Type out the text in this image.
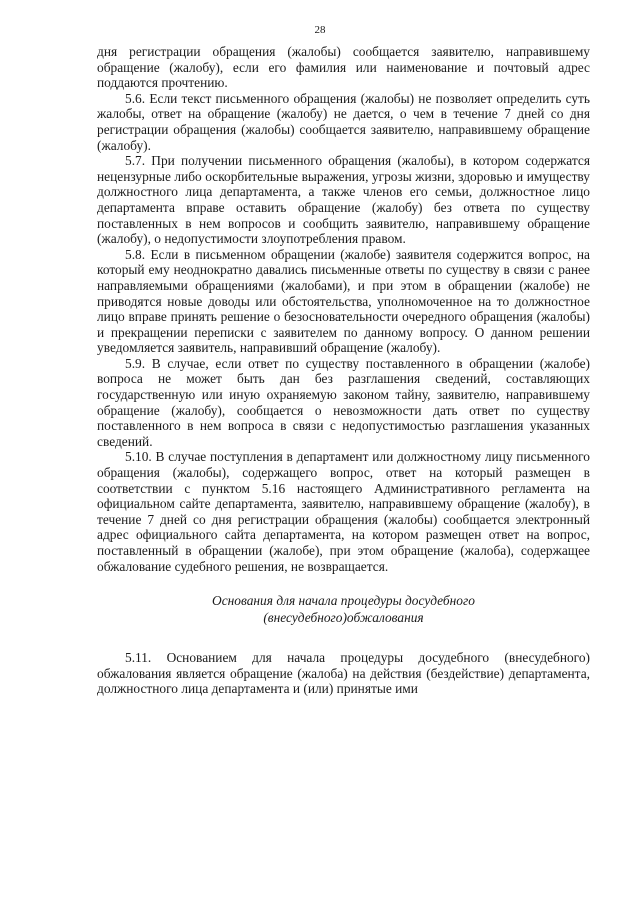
28

дня регистрации обращения (жалобы) сообщается заявителю, направившему обращение (жалобу), если его фамилия или наименование и почтовый адрес поддаются прочтению.

5.6. Если текст письменного обращения (жалобы) не позволяет определить суть жалобы, ответ на обращение (жалобу) не дается, о чем в течение 7 дней со дня регистрации обращения (жалобы) сообщается заявителю, направившему обращение (жалобу).

5.7. При получении письменного обращения (жалобы), в котором содержатся нецензурные либо оскорбительные выражения, угрозы жизни, здоровью и имуществу должностного лица департамента, а также членов его семьи, должностное лицо департамента вправе оставить обращение (жалобу) без ответа по существу поставленных в нем вопросов и сообщить заявителю, направившему обращение (жалобу), о недопустимости злоупотребления правом.

5.8. Если в письменном обращении (жалобе) заявителя содержится вопрос, на который ему неоднократно давались письменные ответы по существу в связи с ранее направляемыми обращениями (жалобами), и при этом в обращении (жалобе) не приводятся новые доводы или обстоятельства, уполномоченное на то должностное лицо вправе принять решение о безосновательности очередного обращения (жалобы) и прекращении переписки с заявителем по данному вопросу. О данном решении уведомляется заявитель, направивший обращение (жалобу).

5.9. В случае, если ответ по существу поставленного в обращении (жалобе) вопроса не может быть дан без разглашения сведений, составляющих государственную или иную охраняемую законом тайну, заявителю, направившему обращение (жалобу), сообщается о невозможности дать ответ по существу поставленного в нем вопроса в связи с недопустимостью разглашения указанных сведений.

5.10. В случае поступления в департамент или должностному лицу письменного обращения (жалобы), содержащего вопрос, ответ на который размещен в соответствии с пунктом 5.16 настоящего Административного регламента на официальном сайте департамента, заявителю, направившему обращение (жалобу), в течение 7 дней со дня регистрации обращения (жалобы) сообщается электронный адрес официального сайта департамента, на котором размещен ответ на вопрос, поставленный в обращении (жалобе), при этом обращение (жалоба), содержащее обжалование судебного решения, не возвращается.

Основания для начала процедуры досудебного
(внесудебного)обжалования

5.11. Основанием для начала процедуры досудебного (внесудебного) обжалования является обращение (жалоба) на действия (бездействие) департамента, должностного лица департамента и (или) принятые ими
